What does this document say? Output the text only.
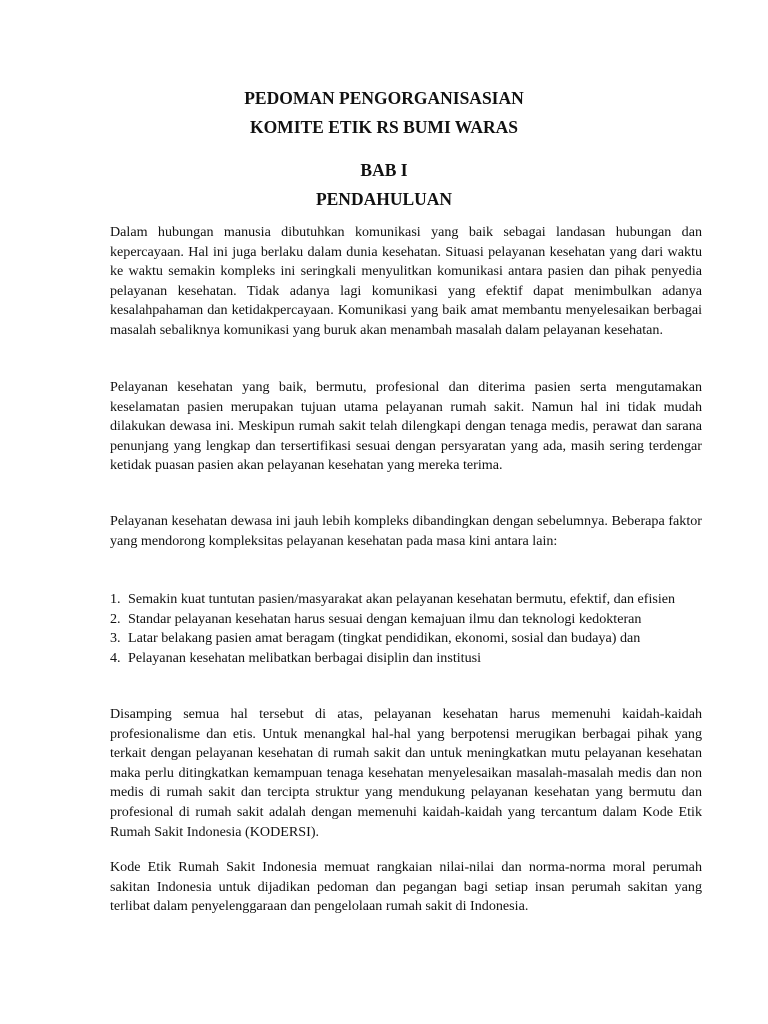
PEDOMAN PENGORGANISASIAN
KOMITE ETIK RS BUMI WARAS
BAB I
PENDAHULUAN

Dalam hubungan manusia dibutuhkan komunikasi yang baik sebagai landasan hubungan dan kepercayaan. Hal ini juga berlaku dalam dunia kesehatan. Situasi pelayanan kesehatan yang dari waktu ke waktu semakin kompleks ini seringkali menyulitkan komunikasi antara pasien dan pihak penyedia pelayanan kesehatan. Tidak adanya lagi komunikasi yang efektif dapat menimbulkan adanya kesalahpahaman dan ketidakpercayaan. Komunikasi yang baik amat membantu menyelesaikan berbagai masalah sebaliknya komunikasi yang buruk akan menambah masalah dalam pelayanan kesehatan.

Pelayanan kesehatan yang baik, bermutu, profesional dan diterima pasien serta mengutamakan keselamatan pasien merupakan tujuan utama pelayanan rumah sakit. Namun hal ini tidak mudah dilakukan dewasa ini. Meskipun rumah sakit telah dilengkapi dengan tenaga medis, perawat dan sarana penunjang yang lengkap dan tersertifikasi sesuai dengan persyaratan yang ada, masih sering terdengar ketidak puasan pasien akan pelayanan kesehatan yang mereka terima.

Pelayanan kesehatan dewasa ini jauh lebih kompleks dibandingkan dengan sebelumnya. Beberapa faktor yang mendorong kompleksitas pelayanan kesehatan pada masa kini antara lain:

1. Semakin kuat tuntutan pasien/masyarakat akan pelayanan kesehatan bermutu, efektif, dan efisien
2. Standar pelayanan kesehatan harus sesuai dengan kemajuan ilmu dan teknologi kedokteran
3. Latar belakang pasien amat beragam (tingkat pendidikan, ekonomi, sosial dan budaya) dan
4. Pelayanan kesehatan melibatkan berbagai disiplin dan institusi

Disamping semua hal tersebut di atas, pelayanan kesehatan harus memenuhi kaidah-kaidah profesionalisme dan etis. Untuk menangkal hal-hal yang berpotensi merugikan berbagai pihak yang terkait dengan pelayanan kesehatan di rumah sakit dan untuk meningkatkan mutu pelayanan kesehatan maka perlu ditingkatkan kemampuan tenaga kesehatan menyelesaikan masalah-masalah medis dan non medis di rumah sakit dan tercipta struktur yang mendukung pelayanan kesehatan yang bermutu dan profesional di rumah sakit adalah dengan memenuhi kaidah-kaidah yang tercantum dalam Kode Etik Rumah Sakit Indonesia (KODERSI).

Kode Etik Rumah Sakit Indonesia memuat rangkaian nilai-nilai dan norma-norma moral perumah sakitan Indonesia untuk dijadikan pedoman dan pegangan bagi setiap insan perumah sakitan yang terlibat dalam penyelenggaraan dan pengelolaan rumah sakit di Indonesia.
